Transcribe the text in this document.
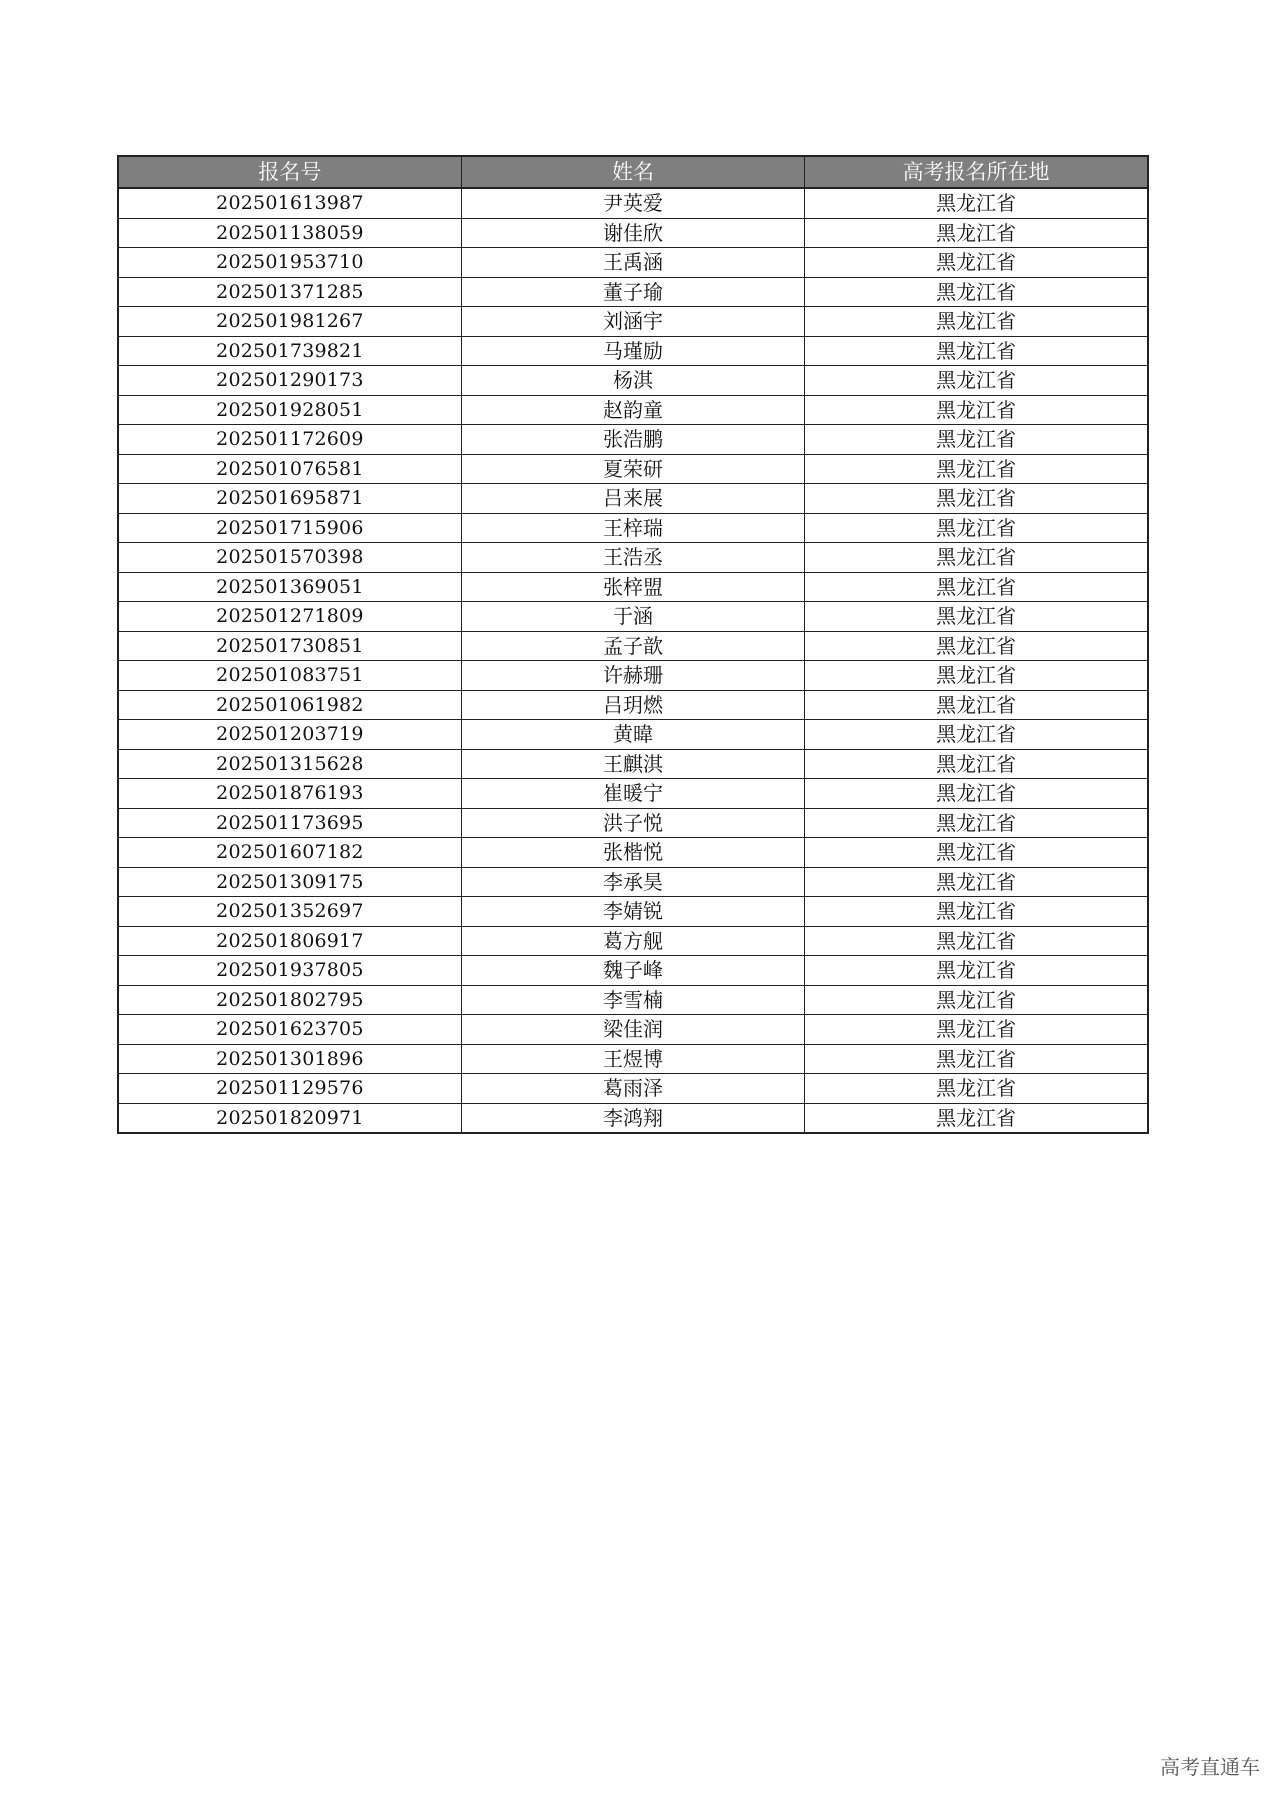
报名号	姓名	高考报名所在地
202501613987	尹英爱	黑龙江省
202501138059	谢佳欣	黑龙江省
202501953710	王禹涵	黑龙江省
202501371285	董子瑜	黑龙江省
202501981267	刘涵宇	黑龙江省
202501739821	马瑾励	黑龙江省
202501290173	杨淇	黑龙江省
202501928051	赵韵童	黑龙江省
202501172609	张浩鹏	黑龙江省
202501076581	夏荣研	黑龙江省
202501695871	吕来展	黑龙江省
202501715906	王梓瑞	黑龙江省
202501570398	王浩丞	黑龙江省
202501369051	张梓盟	黑龙江省
202501271809	于涵	黑龙江省
202501730851	孟子歆	黑龙江省
202501083751	许赫珊	黑龙江省
202501061982	吕玥燃	黑龙江省
202501203719	黄暐	黑龙江省
202501315628	王麒淇	黑龙江省
202501876193	崔暖宁	黑龙江省
202501173695	洪子悦	黑龙江省
202501607182	张楷悦	黑龙江省
202501309175	李承昊	黑龙江省
202501352697	李婧锐	黑龙江省
202501806917	葛方舰	黑龙江省
202501937805	魏子峰	黑龙江省
202501802795	李雪楠	黑龙江省
202501623705	梁佳润	黑龙江省
202501301896	王煜博	黑龙江省
202501129576	葛雨泽	黑龙江省
202501820971	李鸿翔	黑龙江省
高考直通车
